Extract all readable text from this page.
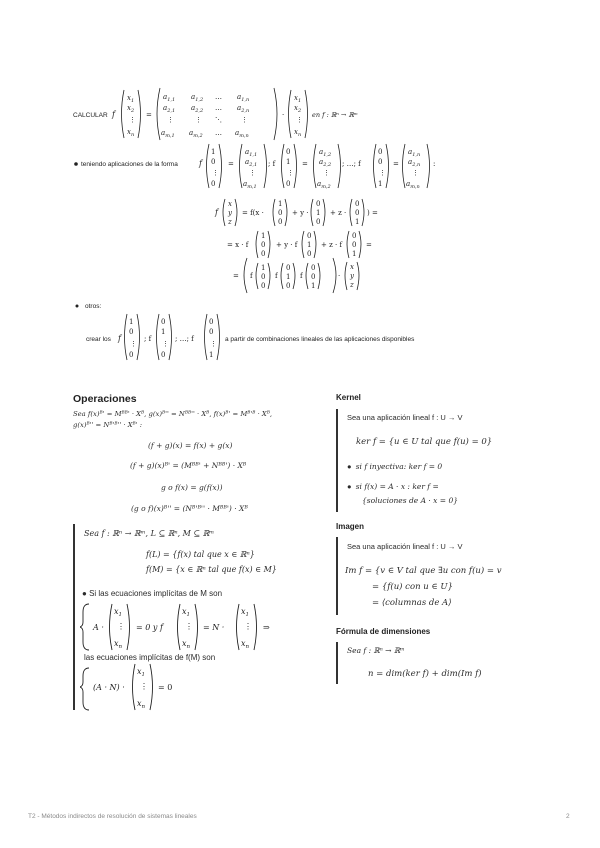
CALCULAR f
$x_1$
$x_2$
⋮
$x_n$
=
$a_{1,1}$ $a_{1,2}$ … $a_{1,n}$
$a_{2,1}$ $a_{2,2}$ … $a_{2,n}$
⋮	⋮ ⋱	⋮
$a_{m,1}$ $a_{m,2}$ … $a_{m,n}$
·
$x_1$
$x_2$
⋮
$x_n$
en f : ℝⁿ → ℝᵐ
teniendo aplicaciones de la forma	f
1
0
⋮
0
=
$a_{1,1}$
$a_{2,1}$
⋮
$a_{m,1}$
; f
0
1
⋮
0
=
$a_{1,2}$
$a_{2,2}$
⋮
$a_{m,2}$
; …; f
0
0
⋮
1
=
$a_{1,n}$
$a_{2,n}$
⋮
$a_{m,n}$
:
f
x
y
z
= f(x ·
1
0
0
+ y ·
0
1
0
+ z ·
0
0
1
) =
= x · f
1
0
0
+ y · f
0
1
0
+ z · f
0
0
1
=
= f
1
0
0
f
0
1
0
f
0
0
1
·
x
y
z
otros:
crear los f
1
0
⋮
0
; f
0
1
⋮
0
; …; f
0
0
⋮
1
a partir de combinaciones lineales de las aplicaciones disponibles
Operaciones
Sea f(x)ᴮ' = Mᴮᴮ' · Xᴮ, g(x)ᴮ'' = Nᴮᴮ'' · Xᴮ, f(x)ᴮ' = Mᴮ'ᴮ · Xᴮ,
g(x)ᴮ'' = Nᴮ'ᴮ'' · Xᴮ' :
(f + g)(x) = f(x) + g(x)
(f + g)(x)ᴮ' = (Mᴮᴮ' + Nᴮᴮ') · Xᴮ
g o f(x) = g(f(x))
(g o f)(x)ᴮ'' = (Nᴮ'ᴮ'' · Mᴮᴮ') · Xᴮ
Sea f : ℝⁿ → ℝᵐ, L ⊆ ℝⁿ, M ⊆ ℝᵐ
f(L) = {f(x) tal que x ∈ ℝⁿ}
f(M) = {x ∈ ℝⁿ tal que f(x) ∈ M}
● Si las ecuaciones implícitas de M son
A ·
$x_1$
⋮
$x_n$
= 0 y f
$x_1$
⋮
$x_n$
= N ·
$x_1$
⋮
$x_n$
⇒
(A · N) ·
$x_1$
⋮
$x_n$
= 0
las ecuaciones implícitas de f(M) son
Kernel
Sea una aplicación lineal f : U → V
ker f = {u ∈ U tal que f(u) = 0}
●  si f inyectiva: ker f = 0
●  si f(x) = A · x : ker f =
{soluciones de A · x = 0}
Imagen
Sea una aplicación lineal f : U → V
Im f = {v ∈ V tal que ∃u con f(u) = v
= {f(u) con u ∈ U}
= ⟨columnas de A⟩
Fórmula de dimensiones
Sea f : ℝⁿ → ℝᵐ
n = dim(ker f) + dim(Im f)
T2 - Métodos indirectos de resolución de sistemas lineales	2
